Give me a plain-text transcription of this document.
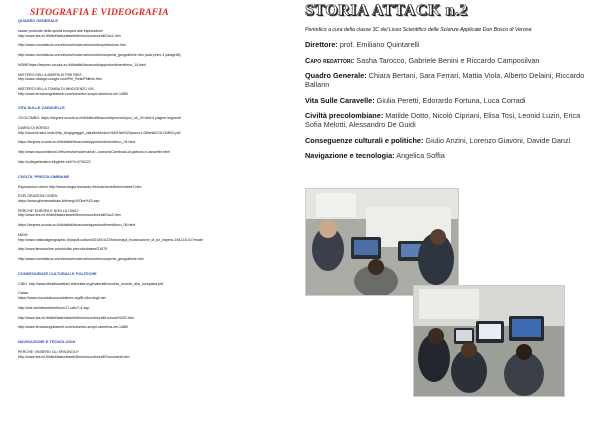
SITOGRAFIA E VIDEOGRAFIA
QUADRO GENERALE
cause profonde della spinta europea alle esplorazioni
http://www.tes.mi.it/tdtsf/tastorlaweb/8mes/nuovimondi/Doc1.htm
http://www.homolaicus.com/storia/moderna/colombo/prefazione.htm
http://www.homolaicus.com/storia/moderna/colombo/scoperta_geografiche.htm (solo primi 4 paragrafi)
NOMEhttps://keynes.scuola.zo.it/didattici/favavoria/approfondimenti/eco_14.html
MISTERO DELLA MAPPA DI PIRI REIS
http://www.ufologo-coughi.com/Piri_Reis/Phiileis.htm
MISTERO DELLA TOMBA DI INNOCENZO VIII
http://www.terraincognitaweb.com/colombo-scopri-lamerica-nel-1486/
VITA SULLE CARAVELLE
OCOLOMBO: https://keynes.scuola.zo.it/didattici/favavoria/percorsi/pco_o4_20.html e pagine seguenti
DIARIO DI BORDO
http://docenti.istct.unisi.it/ftp_blog/graggel_claudio/Modulo%20Hist%20pacco1-08/testi/COLOMBO.pdf
https://keynes.scuola.zo.it/didattici/favavoria/approfondimenti/eco_04.html
http://www.taccuinistorici.it/frs/news/moderna/ue/--costumi/Cambusa-di-galeoni-e-caravelle.html
http://collegefanatics.blogfree.net/?t=4700221
CIVILTA' PRECOLOMBIANE
Esplorazioni cinesi http://www.ologta.leonardo.it/storia/moduli/ele/cinese2.htm
ESPLORAZIONI CINESI
https://www.gfonseradelais.it/sheng%20he%20.asp
PERCHE' EUROPA E NON LA CINA?
http://www.tes.mi.it/tdtsf/tastorlaweb/8mes/nuovimondi/Doc2.htm
https://keynes.scuola.zo.it/didattici/favavoria/approfondimenti/eco_06.html
MAYA
http://www.nationalgeographic.it/popoli-cultura/2014/01/22/foto/maya_ricostruzione_di_un_impero-1942111/1/?mode
http://www.timesonline.com/civilta-precolombiane/21679
http://www.homolaicus.com/storia/moderna/colombo/scoperta_geografiche.htm
CONSEGUENZE CULTURALI E POLITICHE
CIBO: http://www.didatticavellani.altervista.org/materiali/vecchio_mondo_alla_conquista.pdf
Cacao
https://www.cioccolatocioccolaterie.org/fil-clbo-degli-dei
http://wis.storiaitnet/arret/num17-ueto7-4.asp
http://www.tes.mi.it/tdtsf/tastorlaweb/8mes/nuovimondi/Lezione%202.htm
http://www.terraincognitaweb.com/colombo-scopri-lamerica-nel-1486/
NAVIGAZIONE E TECNOLOGIA
PERCHE' VINSERO GLI SPAGNOLI?
http://www.tes.mi.it/tdtsf/tastorlaweb/8mes/nuovimondi/Documenti.htm
STORIA ATTACK n.2
Periodico a cura della classe 3C del Liceo Scientifico delle Scienze Applicate Don Bosco di Verona
Direttore: prof. Emiliano Quintarelli
Capo redattori: Sasha Tarocco, Gabriele Benini e Riccardo Camposilvan
Quadro Generale: Chiara Bertani, Sara Ferrari, Mattia Viola, Alberto Delaini, Riccardo Ballarin
Vita Sulle Caravelle: Giulia Peretti, Edorardo Fortuna, Luca Corradi
Civiltà precolombiane: Matilde Dotto, Nicolò Cipriani, Elisa Tosi, Leonid Luzin, Erica Sofia Melotti, Alessandro De Guidi
Conseguenze culturali e politiche: Giulio Anzini, Lorenzo Giavoni, Davide Danzi
Navigazione e tecnologia: Angelica Soffia
